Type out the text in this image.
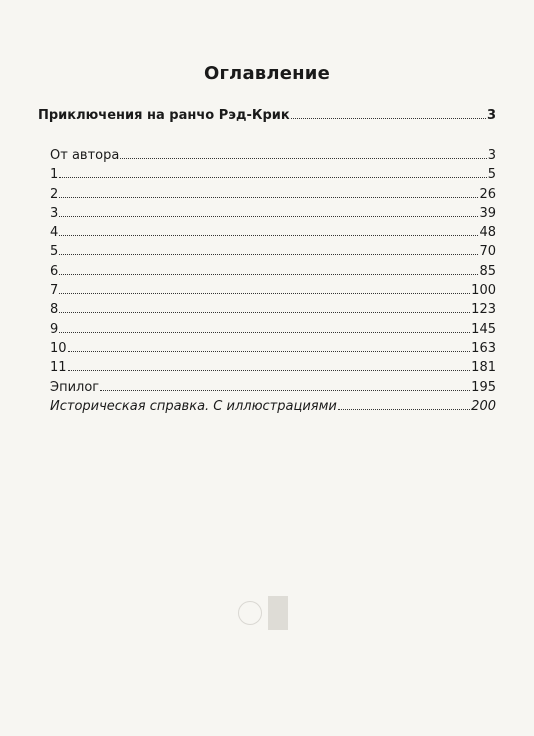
Оглавление
Приключения на ранчо Рэд-Крик	3
От автора	3
1	5
2	26
3	39
4	48
5	70
6	85
7	100
8	123
9	145
10	163
11	181
Эпилог	195
Историческая справка. С иллюстрациями	200
